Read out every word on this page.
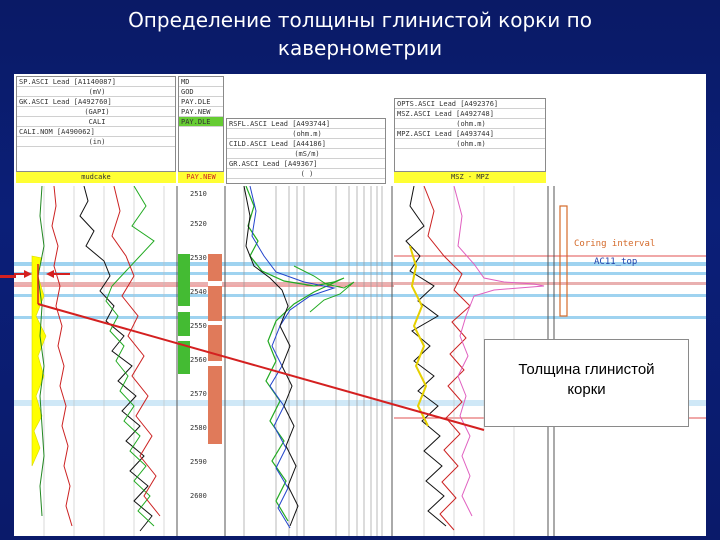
Определение толщины глинистой корки по
кавернометрии
SP.ASCI Lead [A1140087]
(mV)
GK.ASCI Lead [A492760]
(GAPI)
CALI
CALI.NOM [A490062]
(in)
mudcake
MD
GOD
PAY.DLE
PAY.NEW
PAY.DLE
PAY.NEW
RSFL.ASCI Lead [A493744]
(ohm.m)
CILD.ASCI Lead [A44186]
(mS/m)
GR.ASCI Lead [A49367]
( )
OPTS.ASCI Lead [A492376]
MSZ.ASCI Lead [A492748]
(ohm.m)
MPZ.ASCI Lead [A493744]
(ohm.m)
MSZ - MPZ
2510
2520
2530
2540
2550
2560
2570
2580
2590
2600
Coring interval
AC11_top
Толщина глинистой
корки
